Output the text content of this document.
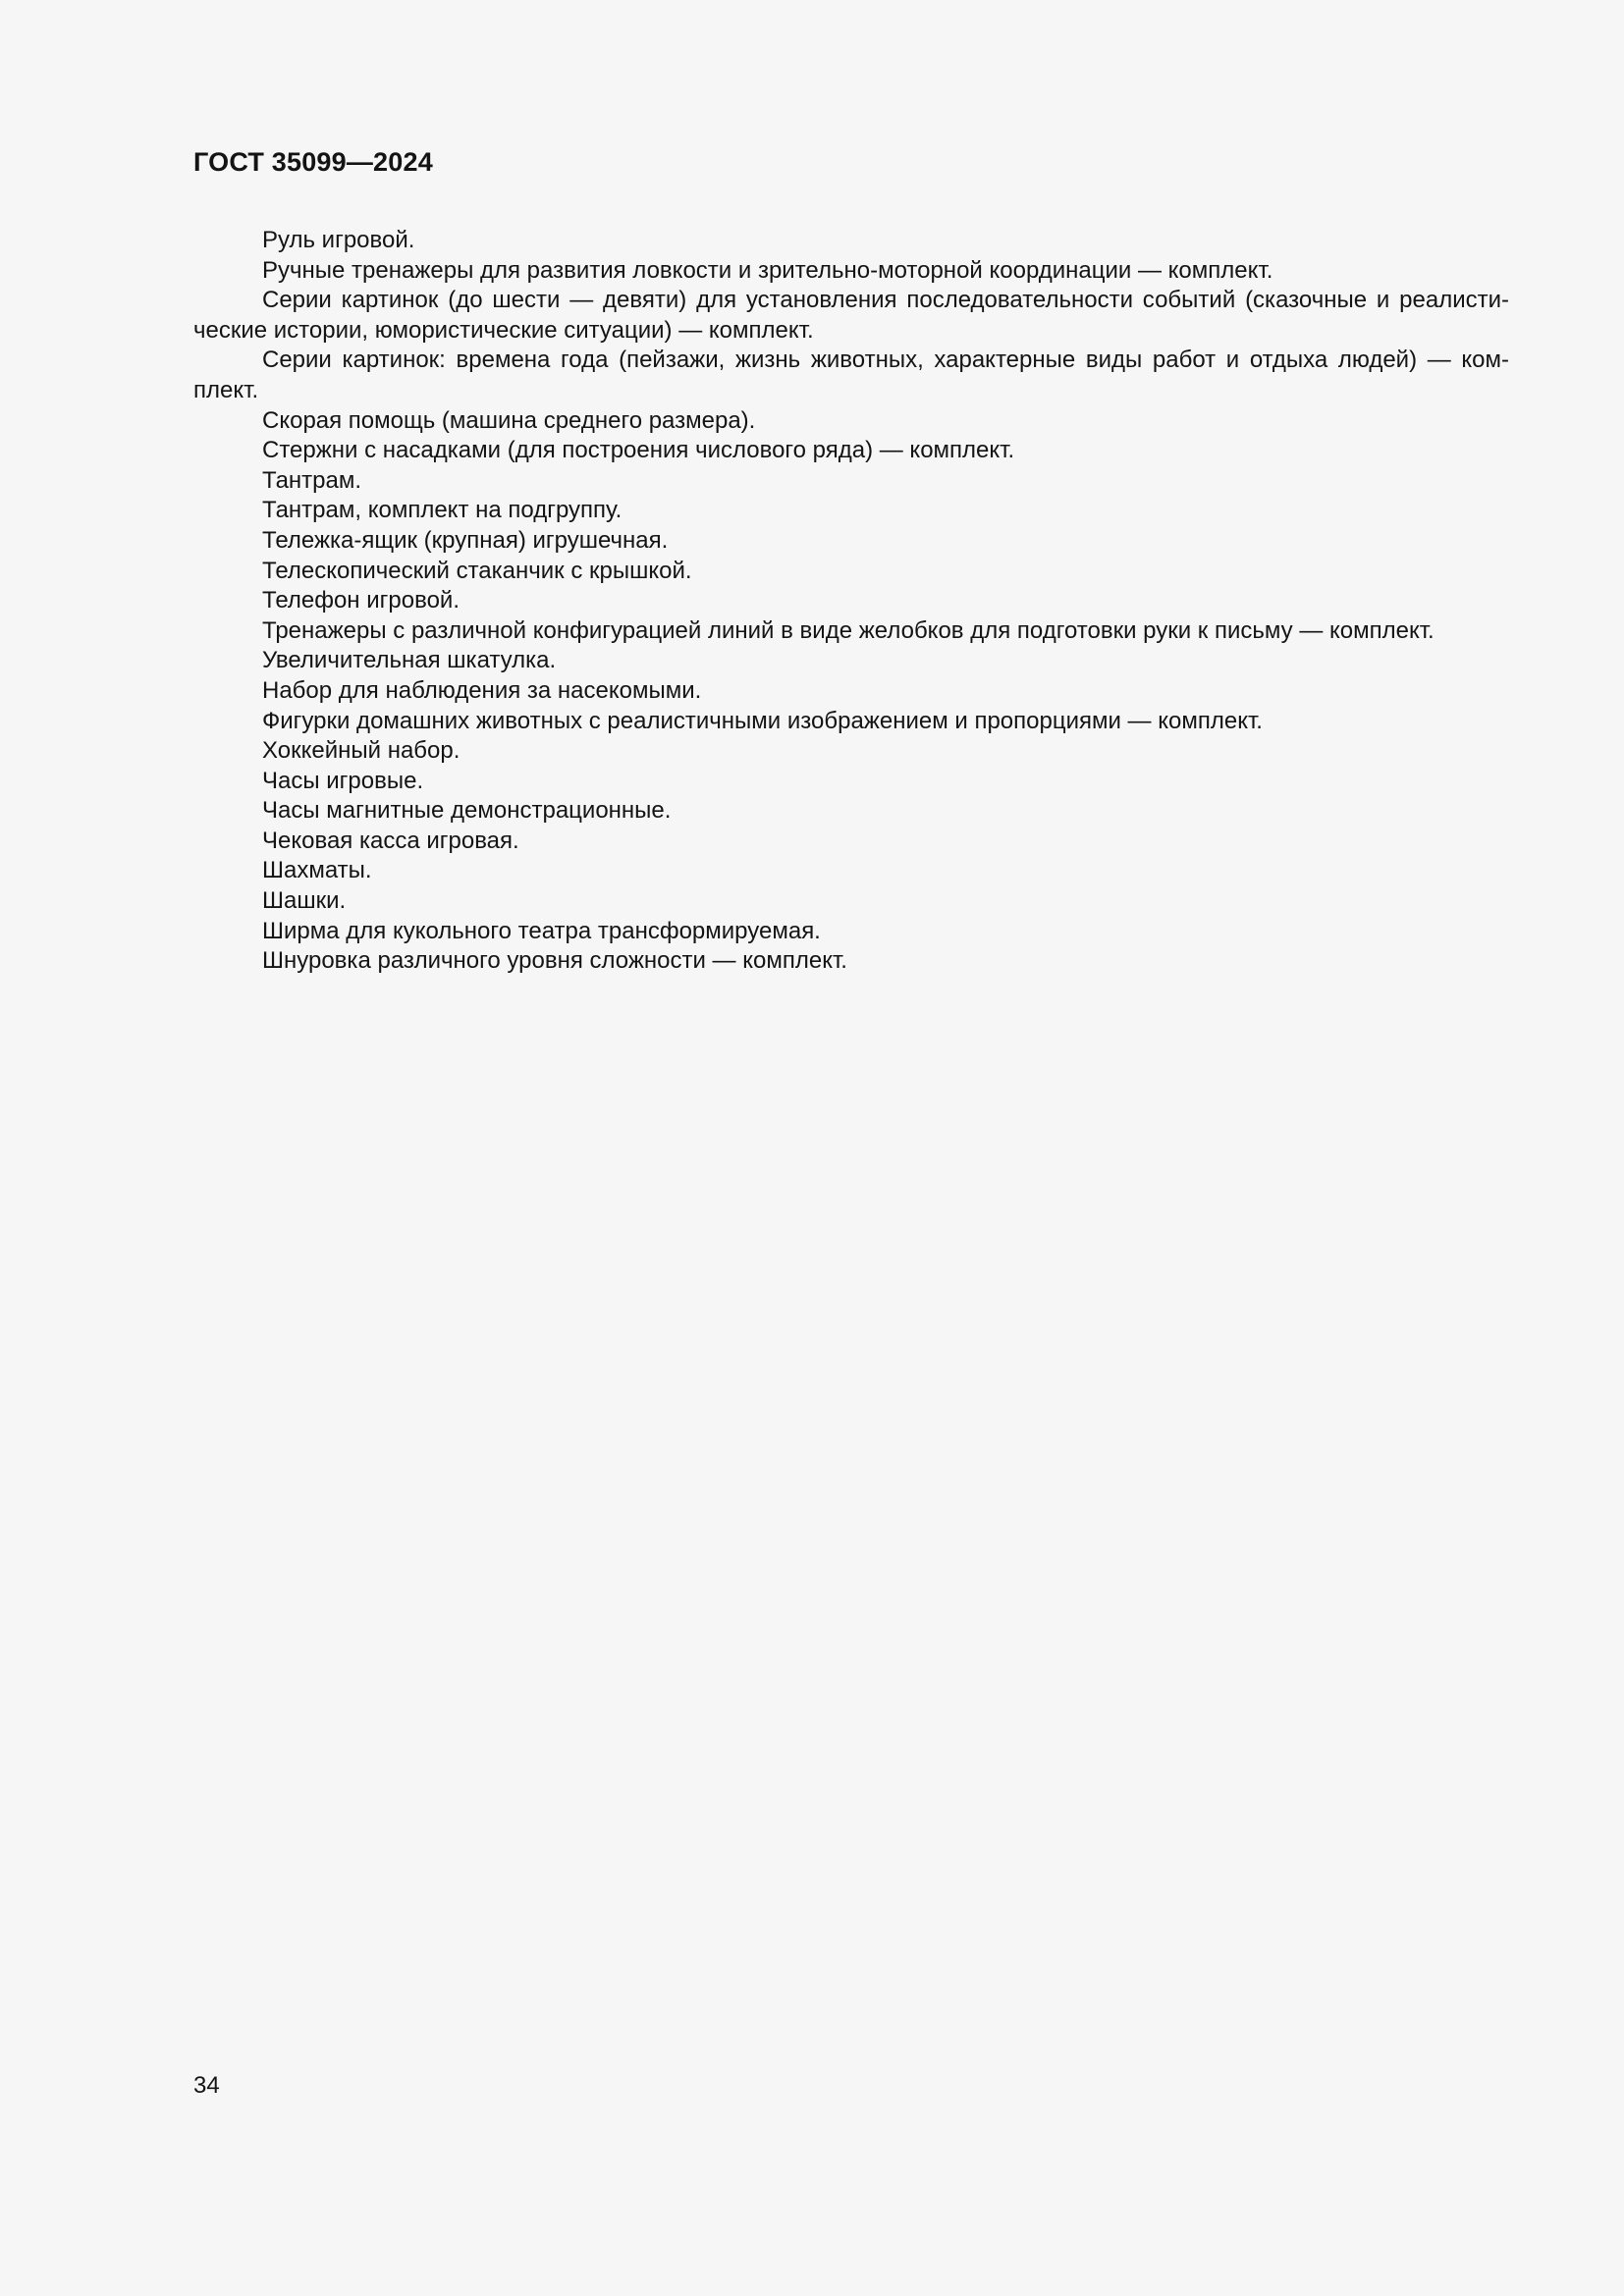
ГОСТ 35099—2024

Руль игровой.

Ручные тренажеры для развития ловкости и зрительно-моторной координации — комплект.

Серии картинок (до шести — девяти) для установления последовательности событий (сказочные и реалистические истории, юмористические ситуации) — комплект.

Серии картинок: времена года (пейзажи, жизнь животных, характерные виды работ и отдыха людей) — комплект.

Скорая помощь (машина среднего размера).

Стержни с насадками (для построения числового ряда) — комплект.

Тантрам.

Тантрам, комплект на подгруппу.

Тележка-ящик (крупная) игрушечная.

Телескопический стаканчик с крышкой.

Телефон игровой.

Тренажеры с различной конфигурацией линий в виде желобков для подготовки руки к письму — комплект.

Увеличительная шкатулка.

Набор для наблюдения за насекомыми.

Фигурки домашних животных с реалистичными изображением и пропорциями — комплект.

Хоккейный набор.

Часы игровые.

Часы магнитные демонстрационные.

Чековая касса игровая.

Шахматы.

Шашки.

Ширма для кукольного театра трансформируемая.

Шнуровка различного уровня сложности — комплект.

34
